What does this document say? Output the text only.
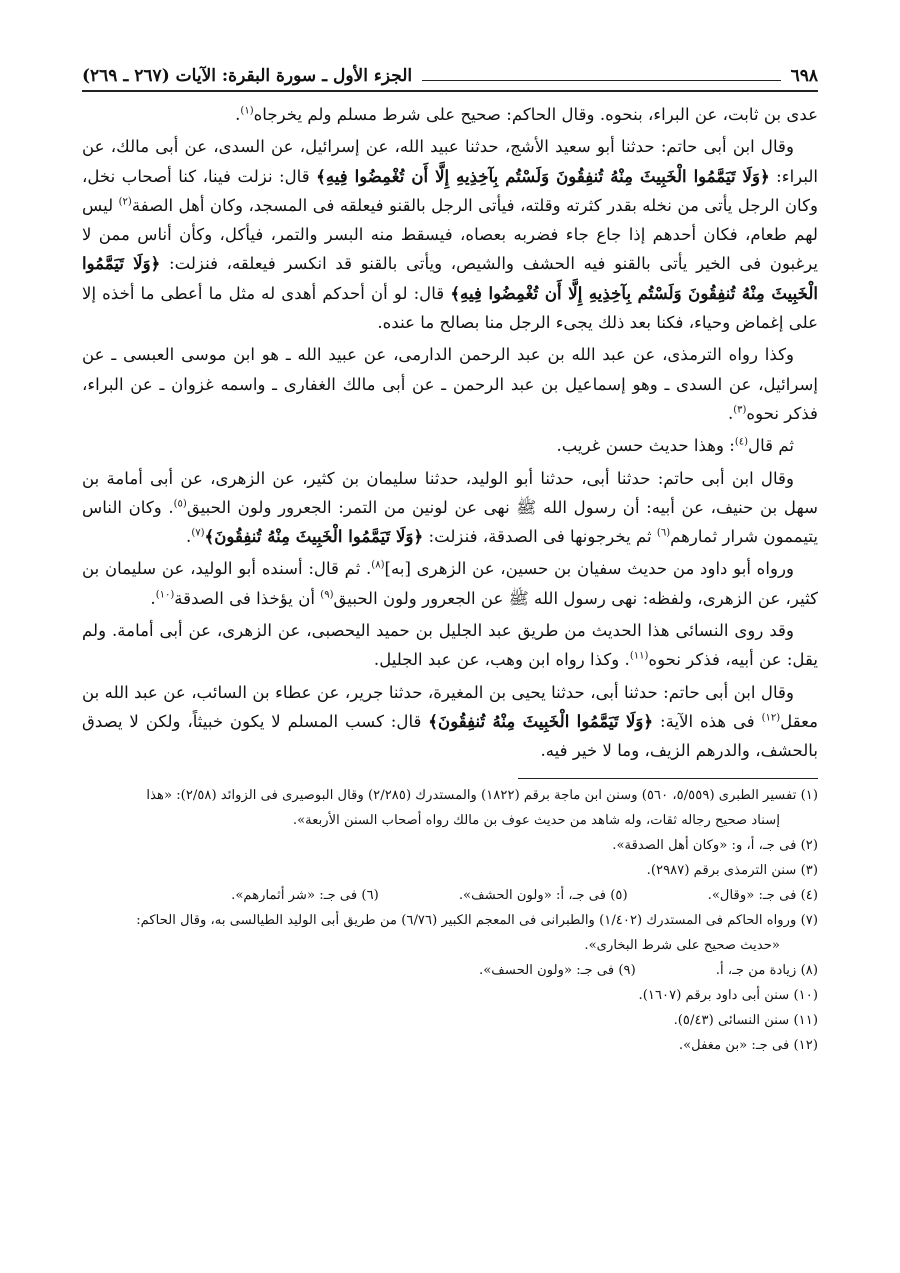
٦٩٨
الجزء الأول ـ سورة البقرة: الآيات (٢٦٧ ـ ٢٦٩)

عدى بن ثابت، عن البراء، بنحوه. وقال الحاكم: صحيح على شرط مسلم ولم يخرجاه$^{(١)}$.

وقال ابن أبى حاتم: حدثنا أبو سعيد الأشج، حدثنا عبيد الله، عن إسرائيل، عن السدى، عن أبى مالك، عن البراء: ﴿وَلَا تَيَمَّمُوا الْخَبِيثَ مِنْهُ تُنفِقُونَ وَلَسْتُم بِآخِذِيهِ إِلَّا أَن تُغْمِضُوا فِيهِ﴾ قال: نزلت فينا، كنا أصحاب نخل، وكان الرجل يأتى من نخله بقدر كثرته وقلته، فيأتى الرجل بالقنو فيعلقه فى المسجد، وكان أهل الصفة$^{(٢)}$ ليس لهم طعام، فكان أحدهم إذا جاع جاء فضربه بعصاه، فيسقط منه البسر والتمر، فيأكل، وكأن أناس ممن لا يرغبون فى الخير يأتى بالقنو فيه الحشف والشيص، ويأتى بالقنو قد انكسر فيعلقه، فنزلت: ﴿وَلَا تَيَمَّمُوا الْخَبِيثَ مِنْهُ تُنفِقُونَ وَلَسْتُم بِآخِذِيهِ إِلَّا أَن تُغْمِضُوا فِيهِ﴾ قال: لو أن أحدكم أهدى له مثل ما أعطى ما أخذه إلا على إغماض وحياء، فكنا بعد ذلك يجىء الرجل منا بصالح ما عنده.

وكذا رواه الترمذى، عن عبد الله بن عبد الرحمن الدارمى، عن عبيد الله ـ هو ابن موسى العبسى ـ عن إسرائيل، عن السدى ـ وهو إسماعيل بن عبد الرحمن ـ عن أبى مالك الغفارى ـ واسمه غزوان ـ عن البراء، فذكر نحوه$^{(٣)}$.

ثم قال$^{(٤)}$: وهذا حديث حسن غريب.

وقال ابن أبى حاتم: حدثنا أبى، حدثنا أبو الوليد، حدثنا سليمان بن كثير، عن الزهرى، عن أبى أمامة بن سهل بن حنيف، عن أبيه: أن رسول الله ﷺ نهى عن لونين من التمر: الجعرور ولون الحبيق$^{(٥)}$. وكان الناس يتيممون شرار ثمارهم$^{(٦)}$ ثم يخرجونها فى الصدقة، فنزلت: ﴿وَلَا تَيَمَّمُوا الْخَبِيثَ مِنْهُ تُنفِقُونَ﴾$^{(٧)}$.

ورواه أبو داود من حديث سفيان بن حسين، عن الزهرى [به]$^{(٨)}$. ثم قال: أسنده أبو الوليد، عن سليمان بن كثير، عن الزهرى، ولفظه: نهى رسول الله ﷺ عن الجعرور ولون الحبيق$^{(٩)}$ أن يؤخذا فى الصدقة$^{(١٠)}$.

وقد روى النسائى هذا الحديث من طريق عبد الجليل بن حميد اليحصبى، عن الزهرى، عن أبى أمامة. ولم يقل: عن أبيه، فذكر نحوه$^{(١١)}$. وكذا رواه ابن وهب، عن عبد الجليل.

وقال ابن أبى حاتم: حدثنا أبى، حدثنا يحيى بن المغيرة، حدثنا جرير، عن عطاء بن السائب، عن عبد الله بن معقل$^{(١٢)}$ فى هذه الآية: ﴿وَلَا تَيَمَّمُوا الْخَبِيثَ مِنْهُ تُنفِقُونَ﴾ قال: كسب المسلم لا يكون خبيثاً، ولكن لا يصدق بالحشف، والدرهم الزيف، وما لا خير فيه.

(١) تفسير الطبرى (٥/٥٥٩، ٥٦٠) وسنن ابن ماجة برقم (١٨٢٢) والمستدرك (٢/٢٨٥) وقال البوصيرى فى الزوائد (٢/٥٨): «هذا

إسناد صحيح رجاله ثقات، وله شاهد من حديث عوف بن مالك رواه أصحاب السنن الأربعة».

(٢) فى جـ، أ، و: «وكان أهل الصدقة».

(٣) سنن الترمذى برقم (٢٩٨٧).

(٤) فى جـ: «وقال».
(٥) فى جـ، أ: «ولون الحشف».
(٦) فى جـ: «شر أثمارهم».

(٧) ورواه الحاكم فى المستدرك (١/٤٠٢) والطبرانى فى المعجم الكبير (٦/٧٦) من طريق أبى الوليد الطيالسى به، وقال الحاكم:

«حديث صحيح على شرط البخارى».

(٨) زيادة من جـ، أ.
(٩) فى جـ: «ولون الحسف».

(١٠) سنن أبى داود برقم (١٦٠٧).

(١١) سنن النسائى (٥/٤٣).

(١٢) فى جـ: «بن مغفل».
